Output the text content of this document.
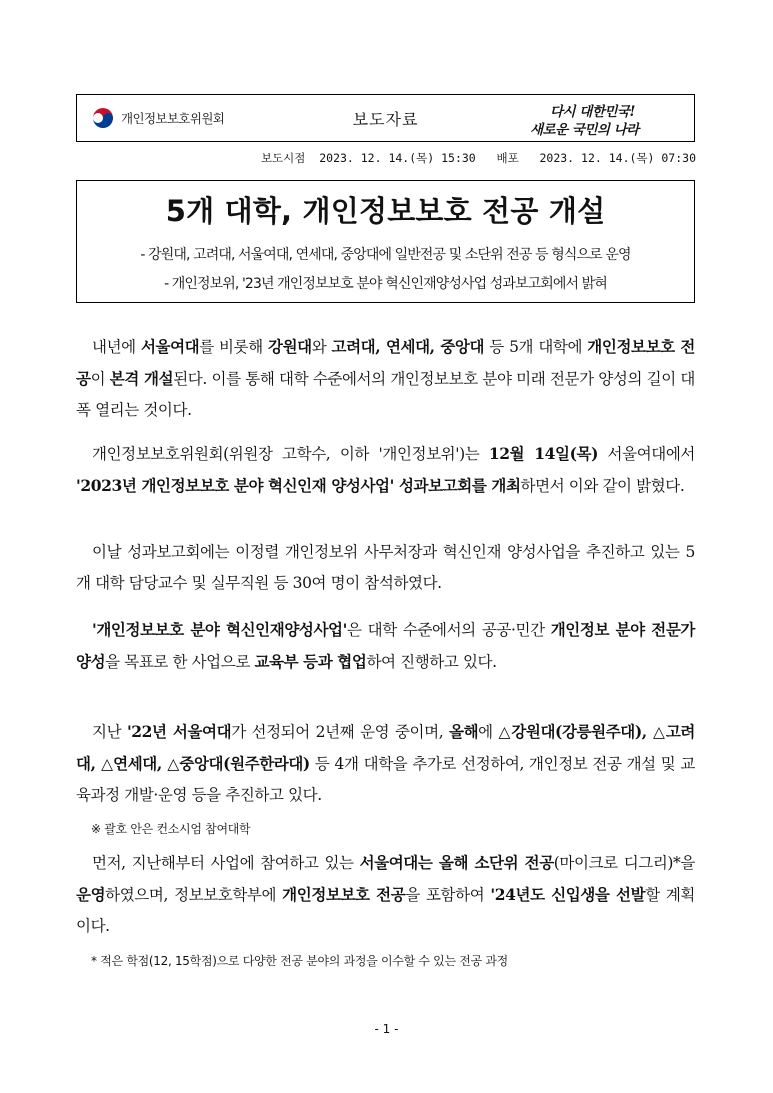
개인정보보호위원회	보도자료	다시 대한민국!
새로운 국민의 나라
보도시점  2023. 12. 14.(목) 15:30   배포   2023. 12. 14.(목) 07:30
5개 대학, 개인정보보호 전공 개설
- 강원대, 고려대, 서울여대, 연세대, 중앙대에 일반전공 및 소단위 전공 등 형식으로 운영
- 개인정보위, '23년 개인정보보호 분야 혁신인재양성사업 성과보고회에서 밝혀

내년에 서울여대를 비롯해 강원대와 고려대, 연세대, 중앙대 등 5개 대학에 개인정보보호 전공이 본격 개설된다. 이를 통해 대학 수준에서의 개인정보보호 분야 미래 전문가 양성의 길이 대폭 열리는 것이다.

개인정보보호위원회(위원장 고학수, 이하 '개인정보위')는 12월 14일(목) 서울여대에서 '2023년 개인정보보호 분야 혁신인재 양성사업' 성과보고회를 개최하면서 이와 같이 밝혔다.

이날 성과보고회에는 이정렬 개인정보위 사무처장과 혁신인재 양성사업을 추진하고 있는 5개 대학 담당교수 및 실무직원 등 30여 명이 참석하였다.

'개인정보보호 분야 혁신인재양성사업'은 대학 수준에서의 공공·민간 개인정보 분야 전문가 양성을 목표로 한 사업으로 교육부 등과 협업하여 진행하고 있다.

지난 '22년 서울여대가 선정되어 2년째 운영 중이며, 올해에 △강원대(강릉원주대), △고려대, △연세대, △중앙대(원주한라대) 등 4개 대학을 추가로 선정하여, 개인정보 전공 개설 및 교육과정 개발·운영 등을 추진하고 있다.

※ 괄호 안은 컨소시엄 참여대학

먼저, 지난해부터 사업에 참여하고 있는 서울여대는 올해 소단위 전공(마이크로 디그리)*을 운영하였으며, 정보보호학부에 개인정보보호 전공을 포함하여 '24년도 신입생을 선발할 계획이다.

* 적은 학점(12, 15학점)으로 다양한 전공 분야의 과정을 이수할 수 있는 전공 과정
- 1 -
